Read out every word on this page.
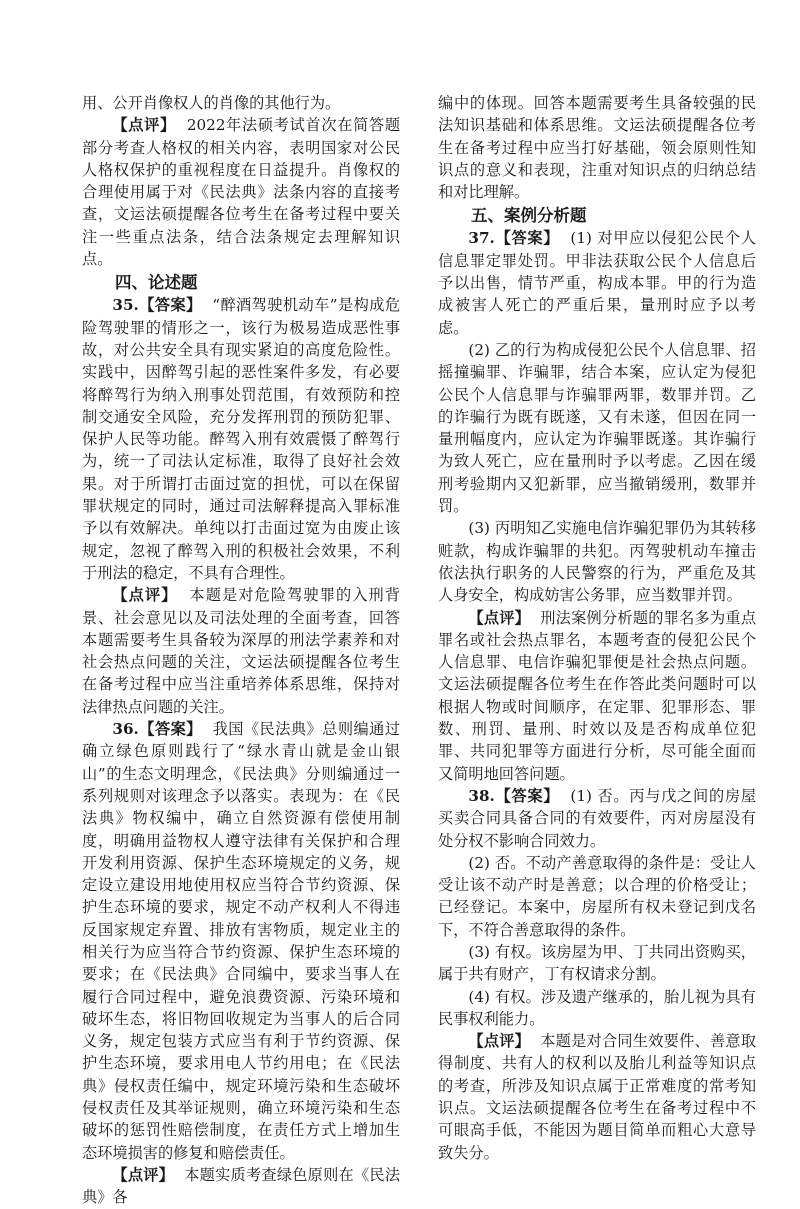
用、公开肖像权人的肖像的其他行为。

【点评】 2022年法硕考试首次在简答题部分考查人格权的相关内容，表明国家对公民人格权保护的重视程度在日益提升。肖像权的合理使用属于对《民法典》法条内容的直接考查，文运法硕提醒各位考生在备考过程中要关注一些重点法条，结合法条规定去理解知识点。

四、论述题

35.【答案】 “醉酒驾驶机动车”是构成危险驾驶罪的情形之一，该行为极易造成恶性事故，对公共安全具有现实紧迫的高度危险性。实践中，因醉驾引起的恶性案件多发，有必要将醉驾行为纳入刑事处罚范围，有效预防和控制交通安全风险，充分发挥刑罚的预防犯罪、保护人民等功能。醉驾入刑有效震慑了醉驾行为，统一了司法认定标准，取得了良好社会效果。对于所谓打击面过宽的担忧，可以在保留罪状规定的同时，通过司法解释提高入罪标准予以有效解决。单纯以打击面过宽为由废止该规定，忽视了醉驾入刑的积极社会效果，不利于刑法的稳定，不具有合理性。

【点评】 本题是对危险驾驶罪的入刑背景、社会意见以及司法处理的全面考查，回答本题需要考生具备较为深厚的刑法学素养和对社会热点问题的关注，文运法硕提醒各位考生在备考过程中应当注重培养体系思维，保持对法律热点问题的关注。

36.【答案】 我国《民法典》总则编通过确立绿色原则践行了“绿水青山就是金山银山”的生态文明理念，《民法典》分则编通过一系列规则对该理念予以落实。表现为：在《民法典》物权编中，确立自然资源有偿使用制度，明确用益物权人遵守法律有关保护和合理开发利用资源、保护生态环境规定的义务，规定设立建设用地使用权应当符合节约资源、保护生态环境的要求，规定不动产权利人不得违反国家规定弃置、排放有害物质，规定业主的相关行为应当符合节约资源、保护生态环境的要求；在《民法典》合同编中，要求当事人在履行合同过程中，避免浪费资源、污染环境和破坏生态，将旧物回收规定为当事人的后合同义务，规定包装方式应当有利于节约资源、保护生态环境，要求用电人节约用电；在《民法典》侵权责任编中，规定环境污染和生态破坏侵权责任及其举证规则，确立环境污染和生态破坏的惩罚性赔偿制度，在责任方式上增加生态环境损害的修复和赔偿责任。

【点评】 本题实质考查绿色原则在《民法典》各

编中的体现。回答本题需要考生具备较强的民法知识基础和体系思维。文运法硕提醒各位考生在备考过程中应当打好基础，领会原则性知识点的意义和表现，注重对知识点的归纳总结和对比理解。

五、案例分析题

37.【答案】 (1) 对甲应以侵犯公民个人信息罪定罪处罚。甲非法获取公民个人信息后予以出售，情节严重，构成本罪。甲的行为造成被害人死亡的严重后果，量刑时应予以考虑。

(2) 乙的行为构成侵犯公民个人信息罪、招摇撞骗罪、诈骗罪，结合本案，应认定为侵犯公民个人信息罪与诈骗罪两罪，数罪并罚。乙的诈骗行为既有既遂，又有未遂，但因在同一量刑幅度内，应认定为诈骗罪既遂。其诈骗行为致人死亡，应在量刑时予以考虑。乙因在缓刑考验期内又犯新罪，应当撤销缓刑，数罪并罚。

(3) 丙明知乙实施电信诈骗犯罪仍为其转移赃款，构成诈骗罪的共犯。丙驾驶机动车撞击依法执行职务的人民警察的行为，严重危及其人身安全，构成妨害公务罪，应当数罪并罚。

【点评】 刑法案例分析题的罪名多为重点罪名或社会热点罪名，本题考查的侵犯公民个人信息罪、电信诈骗犯罪便是社会热点问题。文运法硕提醒各位考生在作答此类问题时可以根据人物或时间顺序，在定罪、犯罪形态、罪数、刑罚、量刑、时效以及是否构成单位犯罪、共同犯罪等方面进行分析，尽可能全面而又简明地回答问题。

38.【答案】 (1) 否。丙与戊之间的房屋买卖合同具备合同的有效要件，丙对房屋没有处分权不影响合同效力。

(2) 否。不动产善意取得的条件是：受让人受让该不动产时是善意；以合理的价格受让；已经登记。本案中，房屋所有权未登记到戊名下，不符合善意取得的条件。

(3) 有权。该房屋为甲、丁共同出资购买，属于共有财产，丁有权请求分割。

(4) 有权。涉及遗产继承的，胎儿视为具有民事权利能力。

【点评】 本题是对合同生效要件、善意取得制度、共有人的权利以及胎儿利益等知识点的考查，所涉及知识点属于正常难度的常考知识点。文运法硕提醒各位考生在备考过程中不可眼高手低，不能因为题目简单而粗心大意导致失分。
